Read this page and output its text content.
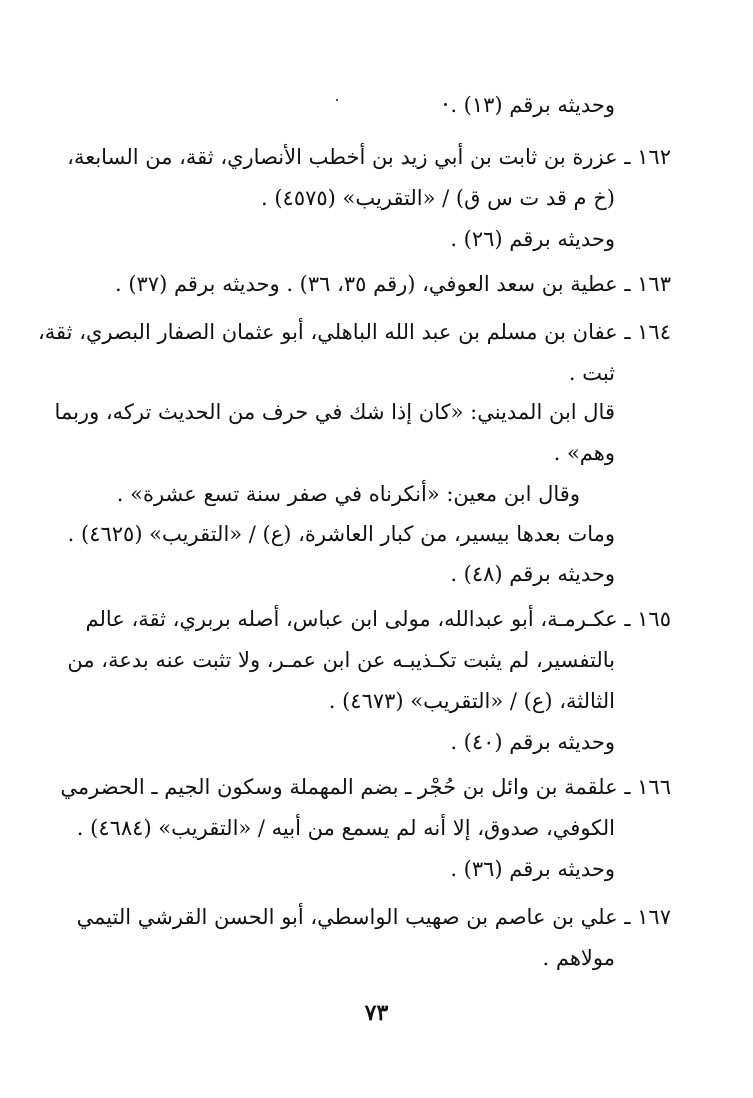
وحديثه برقم (١٣) .
١٦٢ ـ عزرة بن ثابت بن أبي زيد بن أخطب الأنصاري، ثقة، من السابعة،
(خ م قد ت س ق) / «التقريب» (٤٥٧٥) .
وحديثه برقم (٢٦) .
١٦٣ ـ عطية بن سعد العوفي، (رقم ٣٥، ٣٦) . وحديثه برقم (٣٧) .
١٦٤ ـ عفان بن مسلم بن عبد الله الباهلي، أبو عثمان الصفار البصري، ثقة،
ثبت .
قال ابن المديني: «كان إذا شك في حرف من الحديث تركه، وربما
وهم» .
وقال ابن معين: «أنكرناه في صفر سنة تسع عشرة» .
ومات بعدها بيسير، من كبار العاشرة، (ع) / «التقريب» (٤٦٢٥) .
وحديثه برقم (٤٨) .
١٦٥ ـ عكـرمـة، أبو عبدالله، مولى ابن عباس، أصله بربري، ثقة، عالم
بالتفسير، لم يثبت تكـذيبـه عن ابن عمـر، ولا تثبت عنه بدعة، من
الثالثة، (ع) / «التقريب» (٤٦٧٣) .
وحديثه برقم (٤٠) .
١٦٦ ـ علقمة بن وائل بن حُجْر ـ بضم المهملة وسكون الجيم ـ الحضرمي
الكوفي، صدوق، إلا أنه لم يسمع من أبيه / «التقريب» (٤٦٨٤) .
وحديثه برقم (٣٦) .
١٦٧ ـ علي بن عاصم بن صهيب الواسطي، أبو الحسن القرشي التيمي
مولاهم .
٧٣
